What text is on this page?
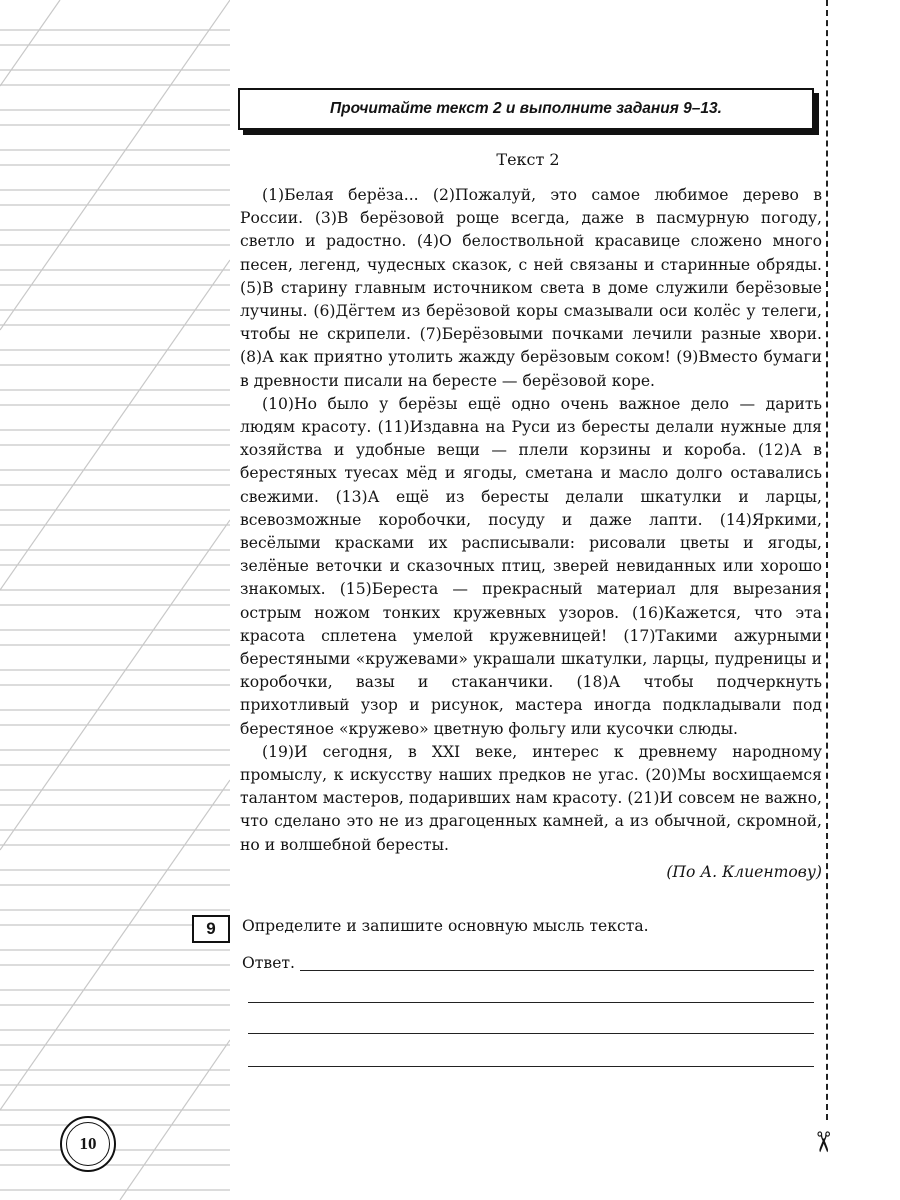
✂
Прочитайте текст 2 и выполните задания 9–13.
Текст 2

(1)Белая берёза... (2)Пожалуй, это самое любимое дерево в России. (3)В берёзовой роще всегда, даже в пасмурную погоду, светло и радостно. (4)О белоствольной красавице сложено много песен, легенд, чудесных сказок, с ней связаны и старинные обряды. (5)В старину главным источником света в доме служили берёзовые лучины. (6)Дёгтем из берёзовой коры смазывали оси колёс у телеги, чтобы не скрипели. (7)Берёзовыми почками лечили разные хвори. (8)А как приятно утолить жажду берёзовым соком! (9)Вместо бумаги в древности писали на бересте — берёзовой коре.

(10)Но было у берёзы ещё одно очень важное дело — дарить людям красоту. (11)Издавна на Руси из бересты делали нужные для хозяйства и удобные вещи — плели корзины и короба. (12)А в берестяных туесах мёд и ягоды, сметана и масло долго оставались свежими. (13)А ещё из бересты делали шкатулки и ларцы, всевозможные коробочки, посуду и даже лапти. (14)Яркими, весёлыми красками их расписывали: рисовали цветы и ягоды, зелёные веточки и сказочных птиц, зверей невиданных или хорошо знакомых. (15)Береста — прекрасный материал для вырезания острым ножом тонких кружевных узоров. (16)Кажется, что эта красота сплетена умелой кружевницей! (17)Такими ажурными берестяными «кружевами» украшали шкатулки, ларцы, пудреницы и коробочки, вазы и стаканчики. (18)А чтобы подчеркнуть прихотливый узор и рисунок, мастера иногда подкладывали под берестяное «кружево» цветную фольгу или кусочки слюды.

(19)И сегодня, в XXI веке, интерес к древнему народному промыслу, к искусству наших предков не угас. (20)Мы восхищаемся талантом мастеров, подаривших нам красоту. (21)И совсем не важно, что сделано это не из драгоценных камней, а из обычной, скромной, но и волшебной бересты.

(По А. Клиентову)

9	Определите и запишите основную мысль текста.
Ответ.
10
